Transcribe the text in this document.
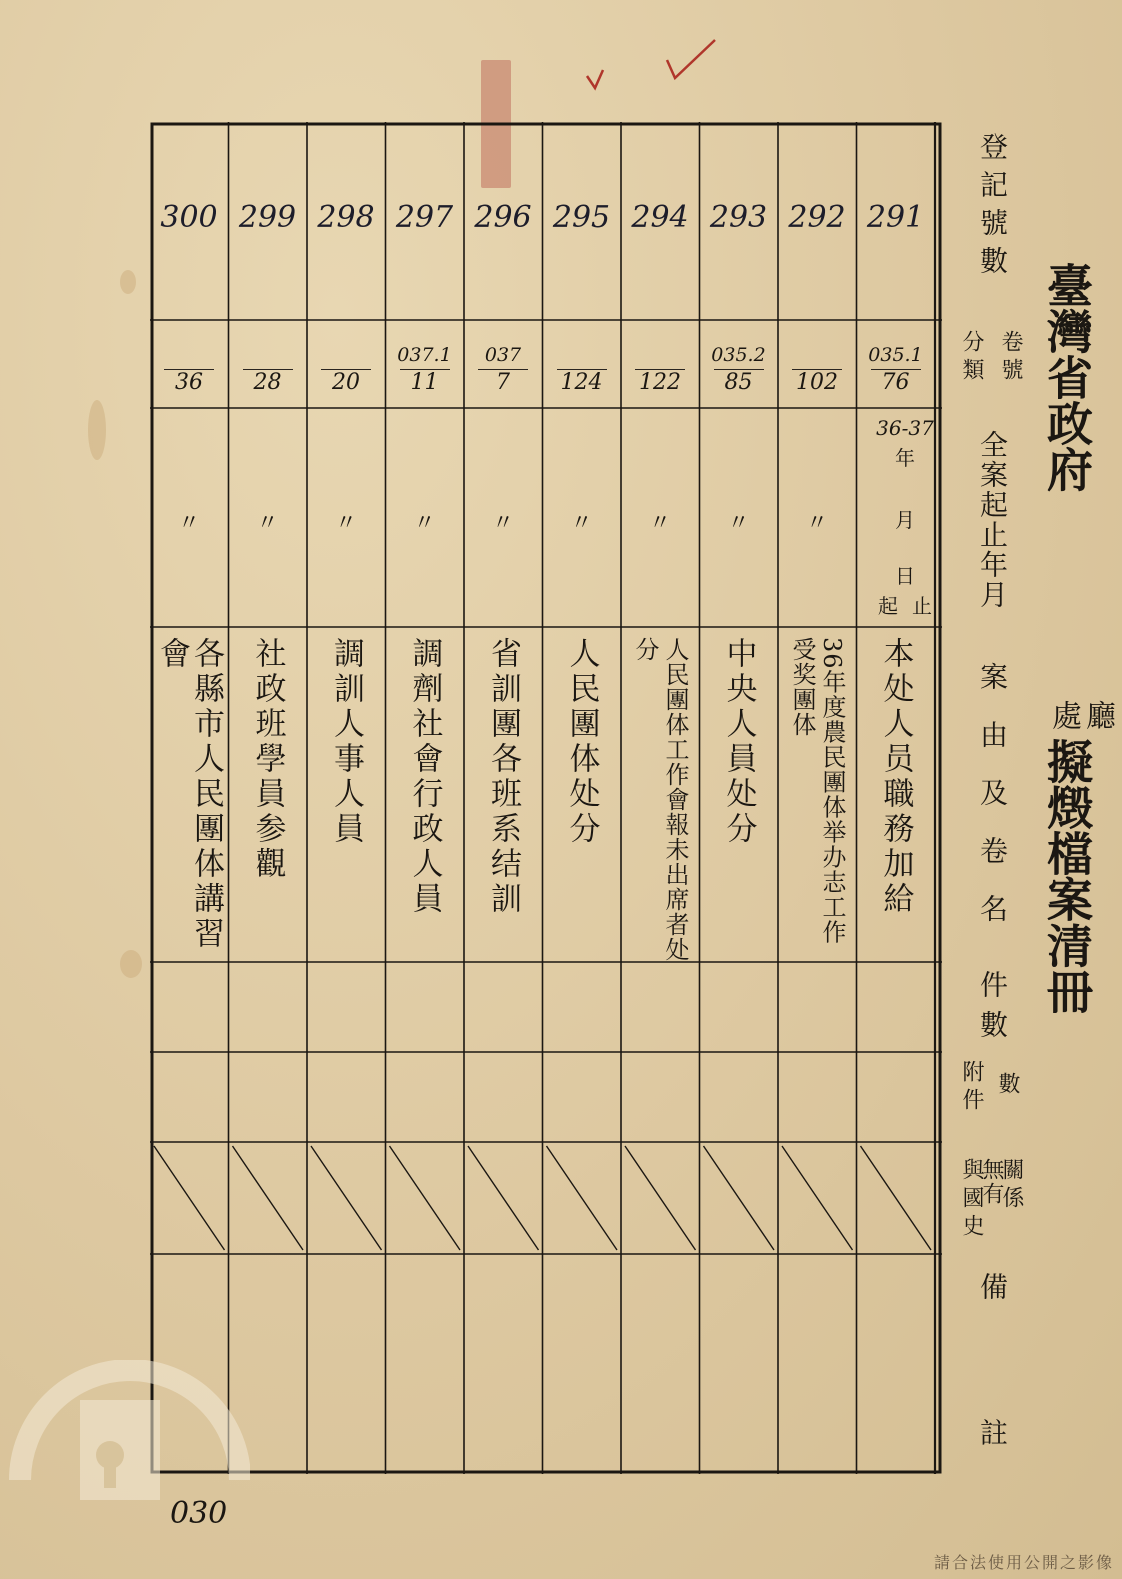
臺灣省政府
廳
處
擬燬檔案清冊
291
035.1
76
本处人员職務加給
292
102
〃
36年度農民團体举办志工作受奖團体
293
035.2
85
〃
中央人員处分
294
122
〃
人民團体工作會報未出席者处分
295
124
〃
人民團体处分
296
037
7
〃
省訓團各班系结訓
297
037.1
11
〃
調劑社會行政人員
298
20
〃
調訓人事人員
299
28
〃
社政班學員参觀
300
36
〃
各縣市人民團体講習會
36-37
年
月
日
起 止
登記號數
卷號
分類
全案起止年月
案由及卷名
件數
附件 數
與國史
無有
關係
備
註
030
請合法使用公開之影像
